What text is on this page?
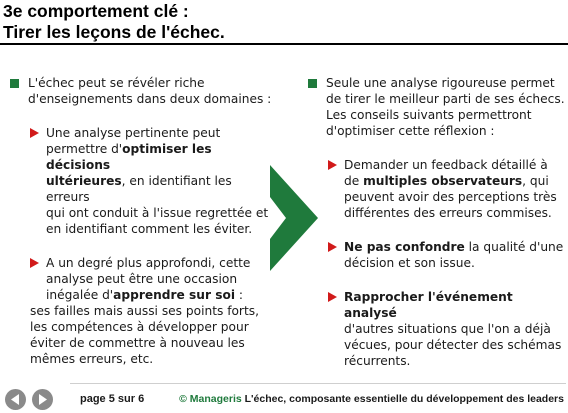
3e comportement clé :
Tirer les leçons de l'échec.
L'échec peut se révéler riche
d'enseignements dans deux domaines :
Une analyse pertinente peut
permettre d'optimiser les décisions
ultérieures, en identifiant les erreurs
qui ont conduit à l'issue regrettée et
en identifiant comment les éviter.
A un degré plus approfondi, cette
analyse peut être une occasion
inégalée d'apprendre sur soi :
ses failles mais aussi ses points forts,
les compétences à développer pour
éviter de commettre à nouveau les
mêmes erreurs, etc.
Seule une analyse rigoureuse permet
de tirer le meilleur parti de ses échecs.
Les conseils suivants permettront
d'optimiser cette réflexion :
Demander un feedback détaillé à
de multiples observateurs, qui
peuvent avoir des perceptions très
différentes des erreurs commises.
Ne pas confondre la qualité d'une
décision et son issue.
Rapprocher l'événement analysé
d'autres situations que l'on a déjà
vécues, pour détecter des schémas
récurrents.
page 5 sur 6	© Manageris L'échec, composante essentielle du développement des leaders
